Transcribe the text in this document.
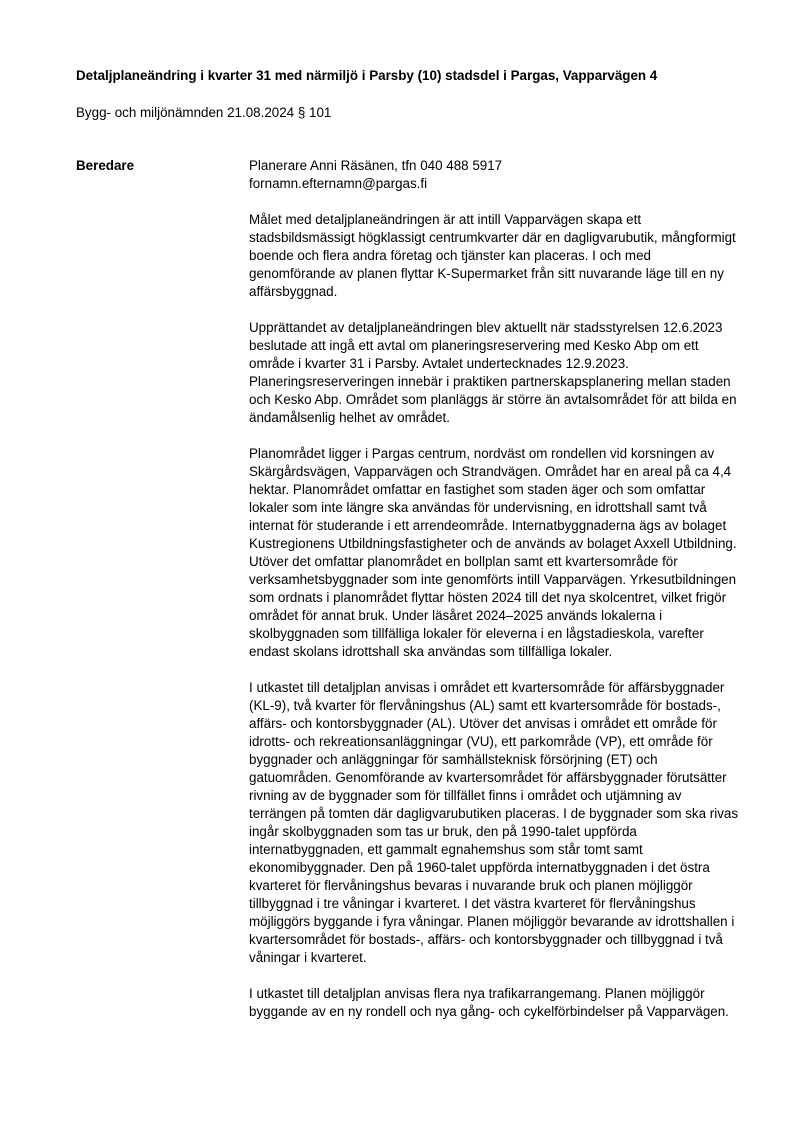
Detaljplaneändring i kvarter 31 med närmiljö i Parsby (10) stadsdel i Pargas, Vapparvägen 4
Bygg- och miljönämnden 21.08.2024 § 101
Beredare	Planerare Anni Räsänen, tfn 040 488 5917
fornamn.efternamn@pargas.fi

Målet med detaljplaneändringen är att intill Vapparvägen skapa ett stadsbildsmässigt högklassigt centrumkvarter där en dagligvarubutik, mångformigt boende och flera andra företag och tjänster kan placeras. I och med genomförande av planen flyttar K-Supermarket från sitt nuvarande läge till en ny affärsbyggnad.

Upprättandet av detaljplaneändringen blev aktuellt när stadsstyrelsen 12.6.2023 beslutade att ingå ett avtal om planeringsreservering med Kesko Abp om ett område i kvarter 31 i Parsby. Avtalet undertecknades 12.9.2023. Planeringsreserveringen innebär i praktiken partnerskapsplanering mellan staden och Kesko Abp. Området som planläggs är större än avtalsområdet för att bilda en ändamålsenlig helhet av området.

Planområdet ligger i Pargas centrum, nordväst om rondellen vid korsningen av Skärgårdsvägen, Vapparvägen och Strandvägen. Området har en areal på ca 4,4 hektar. Planområdet omfattar en fastighet som staden äger och som omfattar lokaler som inte längre ska användas för undervisning, en idrottshall samt två internat för studerande i ett arrendeområde. Internatbyggnaderna ägs av bolaget Kustregionens Utbildningsfastigheter och de används av bolaget Axxell Utbildning. Utöver det omfattar planområdet en bollplan samt ett kvartersområde för verksamhetsbyggnader som inte genomförts intill Vapparvägen. Yrkesutbildningen som ordnats i planområdet flyttar hösten 2024 till det nya skolcentret, vilket frigör området för annat bruk. Under läsåret 2024–2025 används lokalerna i skolbyggnaden som tillfälliga lokaler för eleverna i en lågstadieskola, varefter endast skolans idrottshall ska användas som tillfälliga lokaler.

I utkastet till detaljplan anvisas i området ett kvartersområde för affärsbyggnader (KL-9), två kvarter för flervåningshus (AL) samt ett kvartersområde för bostads-, affärs- och kontorsbyggnader (AL). Utöver det anvisas i området ett område för idrotts- och rekreationsanläggningar (VU), ett parkområde (VP), ett område för byggnader och anläggningar för samhällsteknisk försörjning (ET) och gatuområden. Genomförande av kvartersområdet för affärsbyggnader förutsätter rivning av de byggnader som för tillfället finns i området och utjämning av terrängen på tomten där dagligvarubutiken placeras. I de byggnader som ska rivas ingår skolbyggnaden som tas ur bruk, den på 1990-talet uppförda internatbyggnaden, ett gammalt egnahemshus som står tomt samt ekonomibyggnader. Den på 1960-talet uppförda internatbyggnaden i det östra kvarteret för flervåningshus bevaras i nuvarande bruk och planen möjliggör tillbyggnad i tre våningar i kvarteret. I det västra kvarteret för flervåningshus möjliggörs byggande i fyra våningar. Planen möjliggör bevarande av idrottshallen i kvartersområdet för bostads-, affärs- och kontorsbyggnader och tillbyggnad i två våningar i kvarteret.

I utkastet till detaljplan anvisas flera nya trafikarrangemang. Planen möjliggör byggande av en ny rondell och nya gång- och cykelförbindelser på Vapparvägen.
